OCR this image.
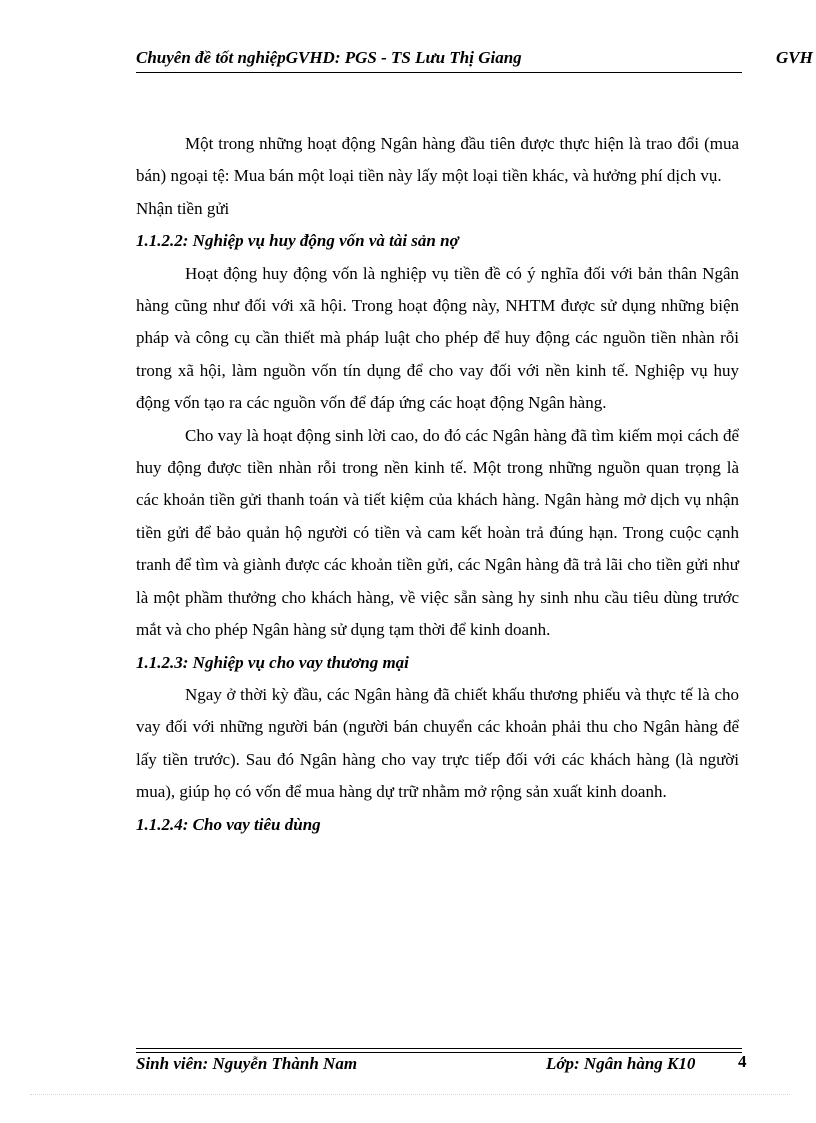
Chuyên đề tốt nghiệpGVHD: PGS - TS Lưu Thị Giang	GVH

Một trong những hoạt động Ngân hàng đầu tiên được thực hiện là trao đổi (mua bán) ngoại tệ: Mua bán một loại tiền này lấy một loại tiền khác, và hưởng phí dịch vụ.

Nhận tiền gửi

1.1.2.2: Nghiệp vụ huy động vốn và tài sản nợ

Hoạt động huy động vốn là nghiệp vụ tiền đề có ý nghĩa đối với bản thân Ngân hàng cũng như đối với xã hội. Trong hoạt động này, NHTM được sử dụng những biện pháp và công cụ cần thiết mà pháp luật cho phép để huy động các nguồn tiền nhàn rỗi trong xã hội, làm nguồn vốn tín dụng để cho vay đối với nền kinh tế. Nghiệp vụ huy động vốn tạo ra các nguồn vốn để đáp ứng các hoạt động Ngân hàng.

Cho vay là hoạt động sinh lời cao, do đó các Ngân hàng đã tìm kiếm mọi cách để huy động được tiền nhàn rỗi trong nền kinh tế. Một trong những nguồn quan trọng là các khoản tiền gửi thanh toán và tiết kiệm của khách hàng. Ngân hàng mở dịch vụ nhận tiền gửi để bảo quản hộ người có tiền và cam kết hoàn trả đúng hạn. Trong cuộc cạnh tranh để tìm và giành được các khoản tiền gửi, các Ngân hàng đã trả lãi cho tiền gửi như là một phầm thưởng cho khách hàng, về việc sẵn sàng hy sinh nhu cầu tiêu dùng trước mắt và cho phép Ngân hàng sử dụng tạm thời để kinh doanh.

1.1.2.3: Nghiệp vụ cho vay thương mại

Ngay ở thời kỳ đầu, các Ngân hàng đã chiết khấu thương phiếu và thực tế là cho vay đối với những người bán (người bán chuyển các khoản phải thu cho Ngân hàng để lấy tiền trước). Sau đó Ngân hàng cho vay trực tiếp đối với các khách hàng (là người mua), giúp họ có vốn để mua hàng dự trữ nhằm mở rộng sản xuất kinh doanh.

1.1.2.4: Cho vay tiêu dùng
Sinh viên: Nguyễn Thành Nam	Lớp: Ngân hàng K10	4
